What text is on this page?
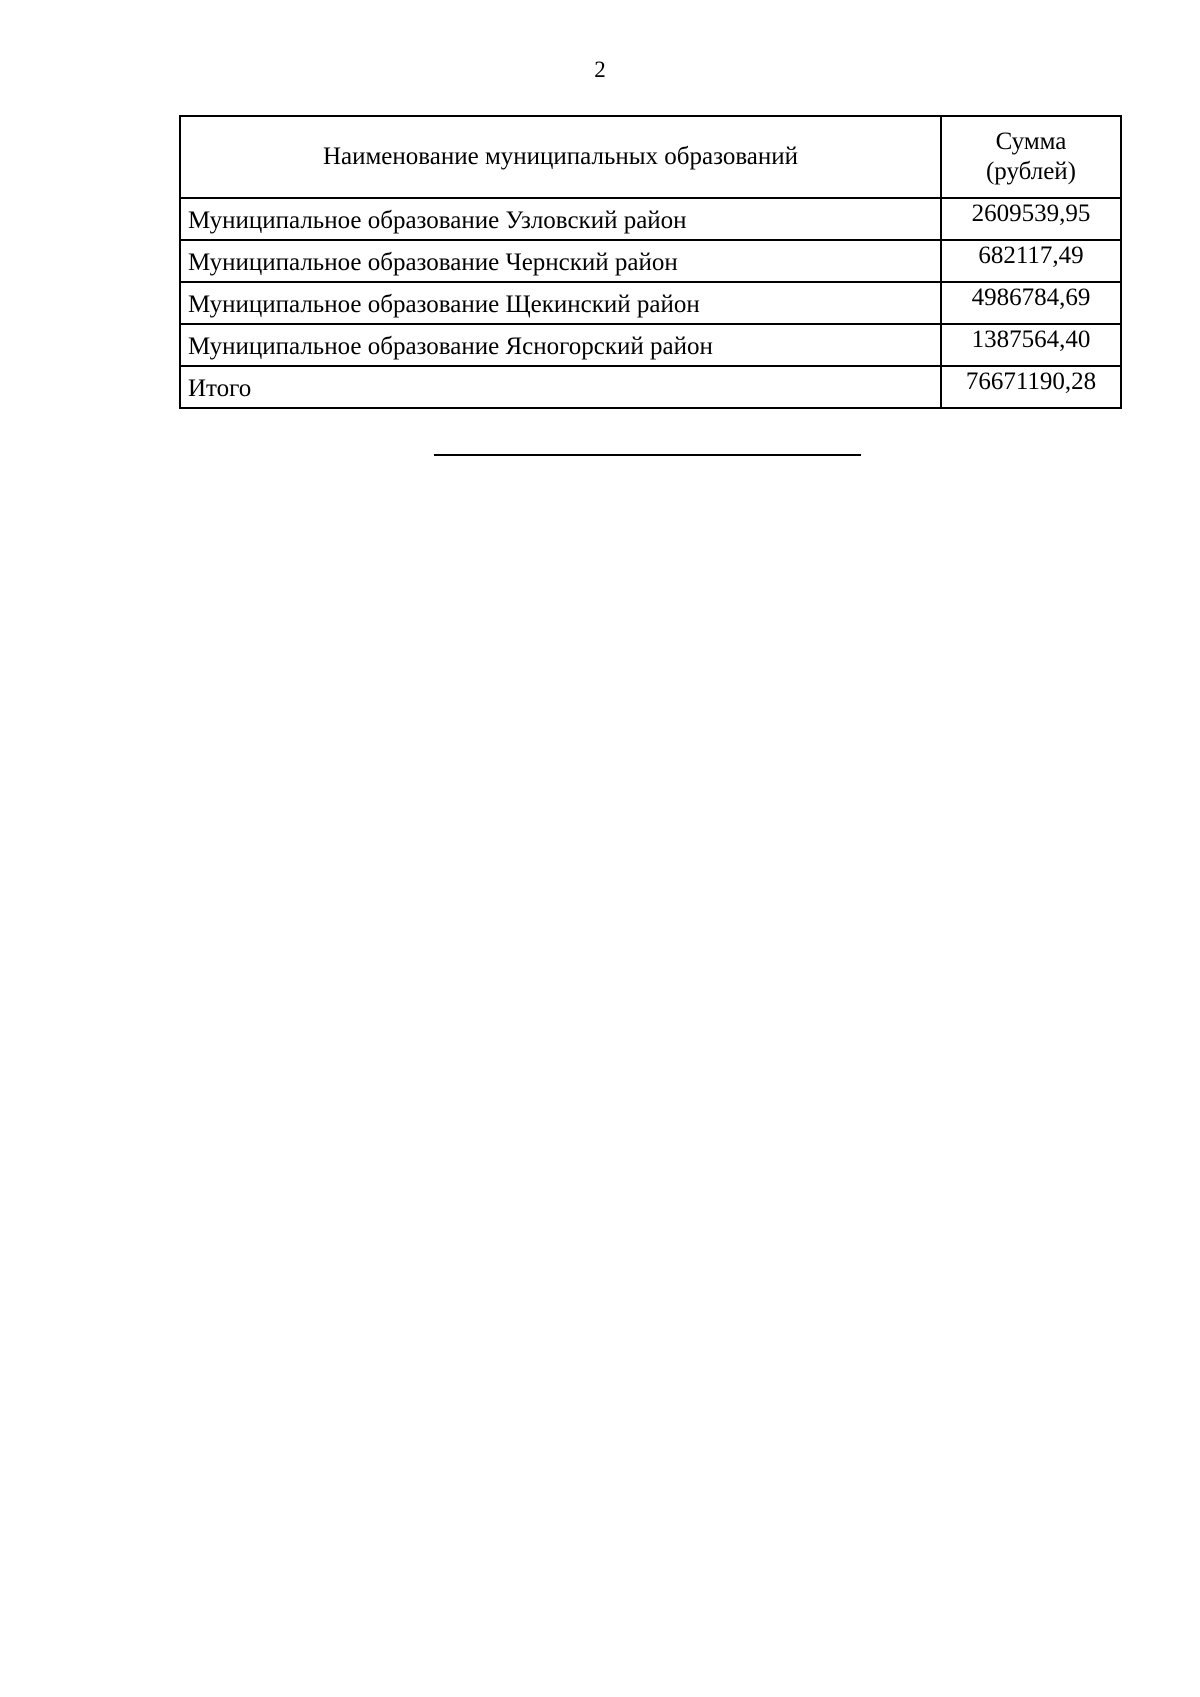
2
Наименование муниципальных образований	Сумма
(рублей)
Муниципальное образование Узловский район	2609539,95
Муниципальное образование Чернский район	682117,49
Муниципальное образование Щекинский район	4986784,69
Муниципальное образование Ясногорский район	1387564,40
Итого	76671190,28
